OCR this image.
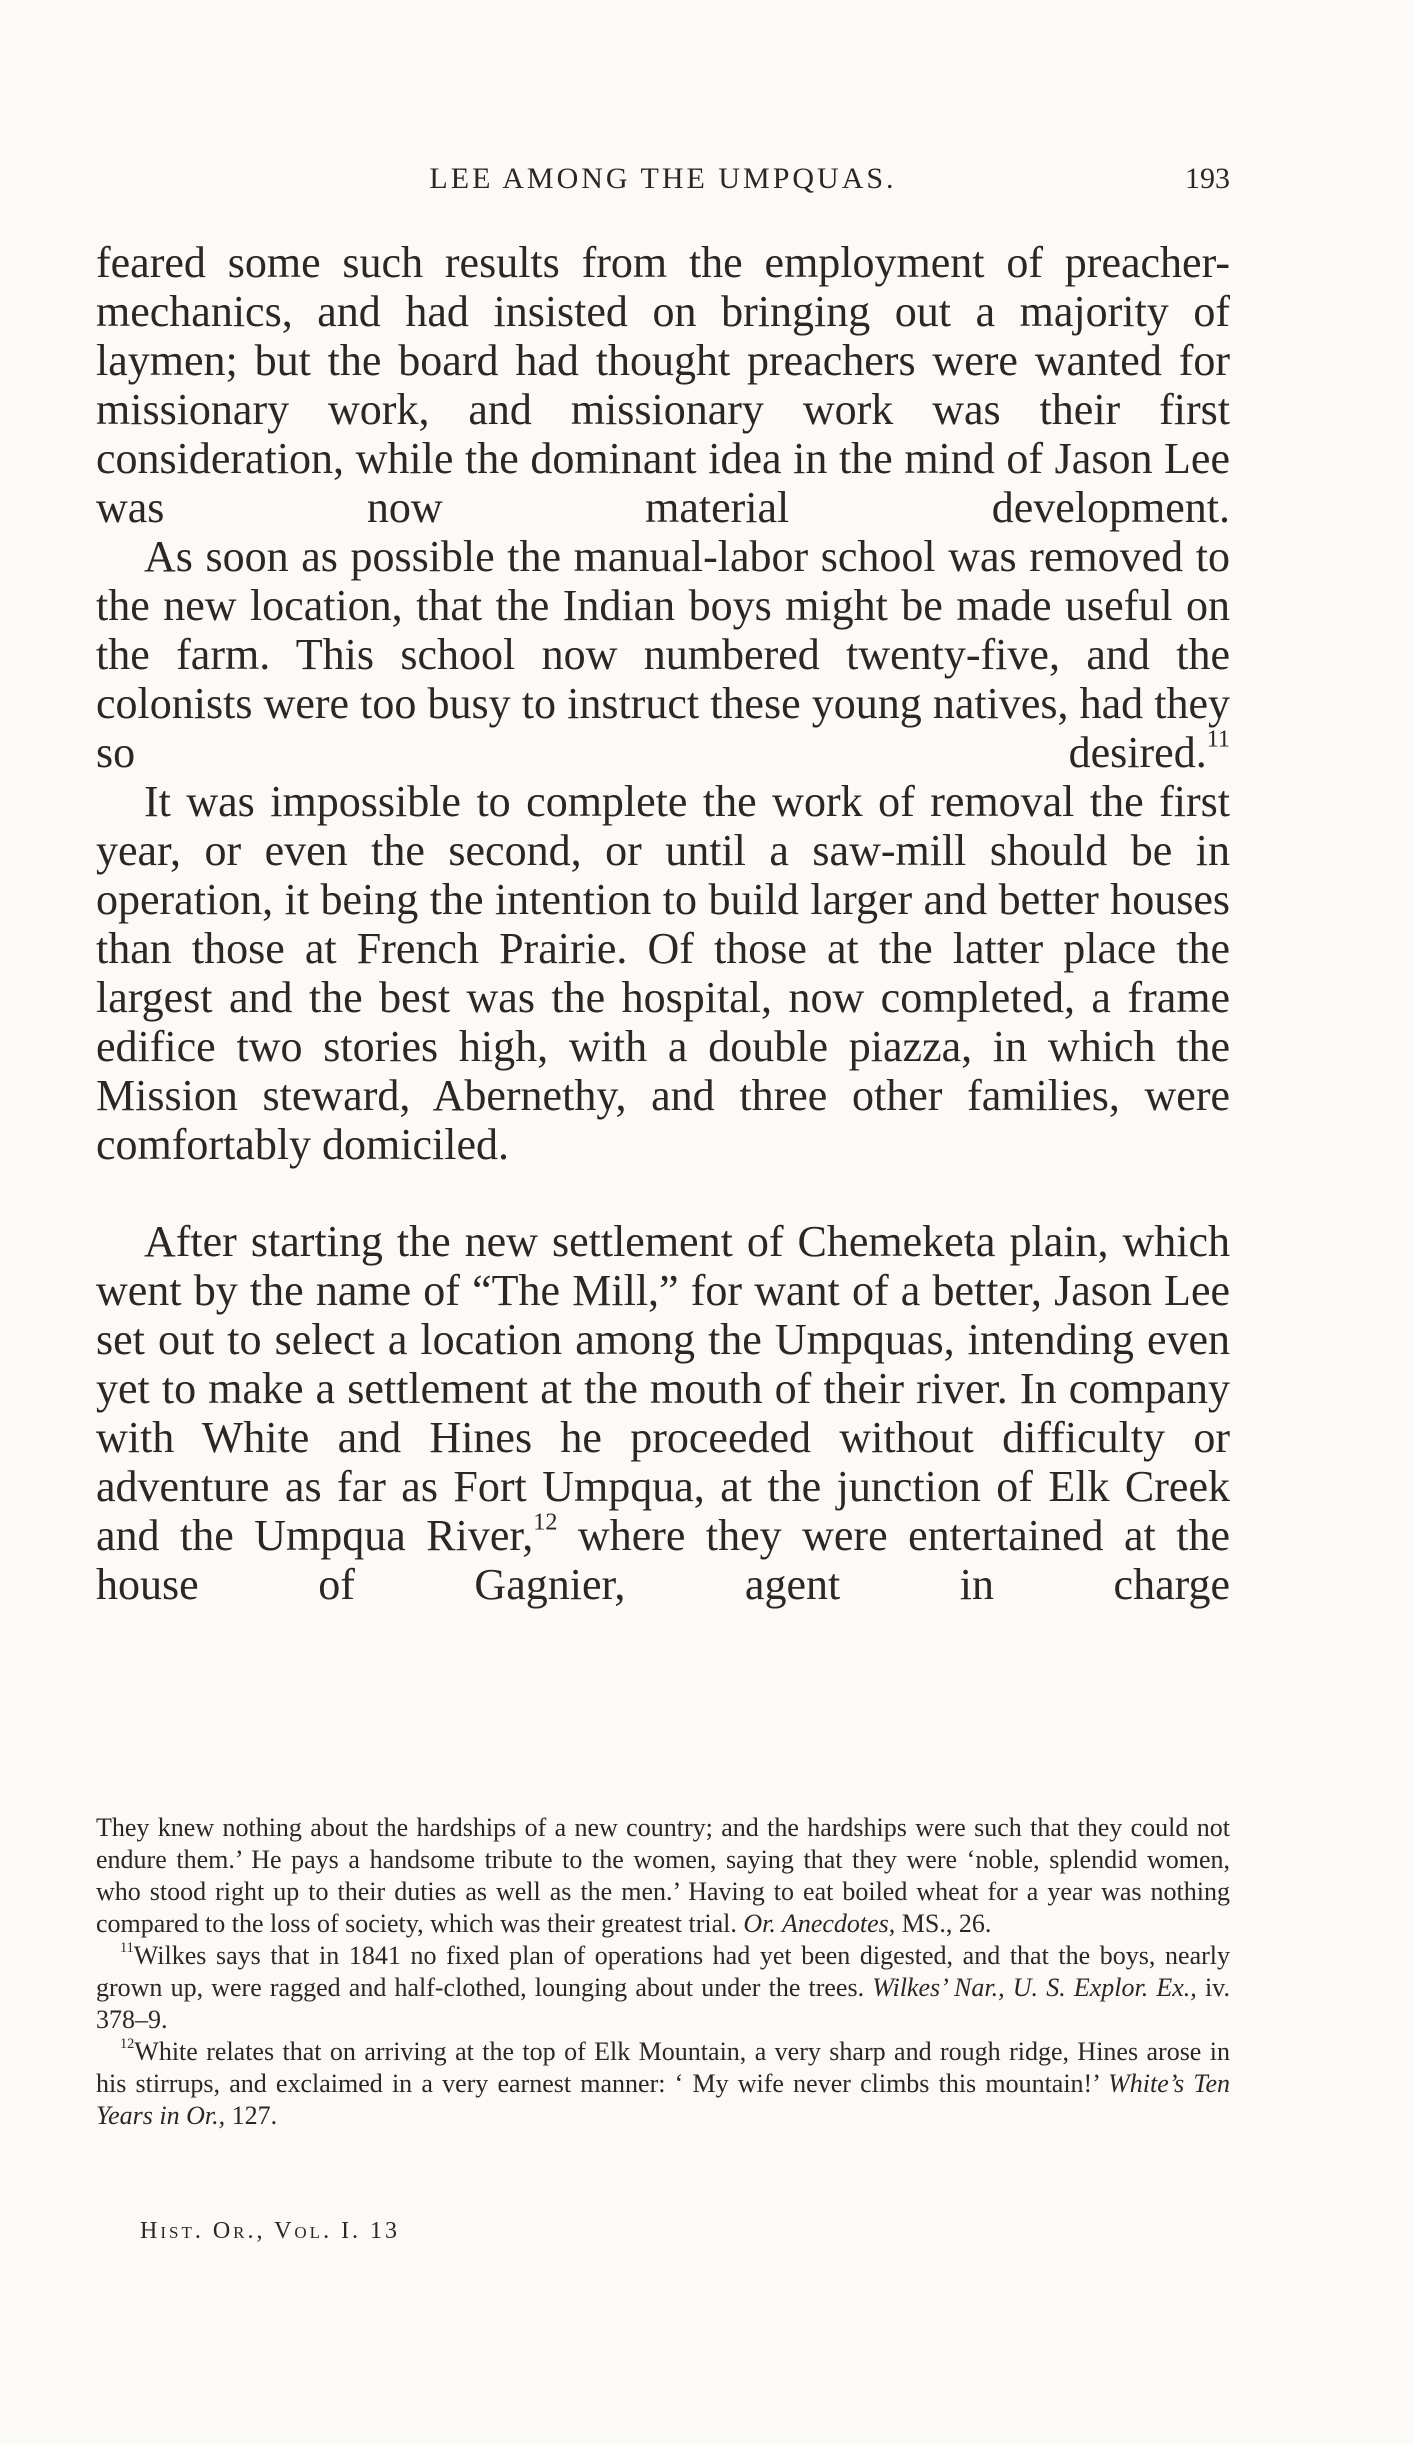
LEE AMONG THE UMPQUAS.	193

feared some such results from the employment of preacher-mechanics, and had insisted on bringing out a majority of laymen; but the board had thought preachers were wanted for missionary work, and missionary work was their first consideration, while the dominant idea in the mind of Jason Lee was now material development.

As soon as possible the manual-labor school was removed to the new location, that the Indian boys might be made useful on the farm. This school now numbered twenty-five, and the colonists were too busy to instruct these young natives, had they so desired.$^{11}$

It was impossible to complete the work of removal the first year, or even the second, or until a saw-mill should be in operation, it being the intention to build larger and better houses than those at French Prairie. Of those at the latter place the largest and the best was the hospital, now completed, a frame edifice two stories high, with a double piazza, in which the Mission steward, Abernethy, and three other families, were comfortably domiciled.

After starting the new settlement of Chemeketa plain, which went by the name of “The Mill,” for want of a better, Jason Lee set out to select a location among the Umpquas, intending even yet to make a settlement at the mouth of their river. In company with White and Hines he proceeded without difficulty or adventure as far as Fort Umpqua, at the junction of Elk Creek and the Umpqua River,$^{12}$ where they were entertained at the house of Gagnier, agent in charge

They knew nothing about the hardships of a new country; and the hardships were such that they could not endure them.’ He pays a handsome tribute to the women, saying that they were ‘noble, splendid women, who stood right up to their duties as well as the men.’ Having to eat boiled wheat for a year was nothing compared to the loss of society, which was their greatest trial. Or. Anecdotes, MS., 26.

$^{11}$Wilkes says that in 1841 no fixed plan of operations had yet been digested, and that the boys, nearly grown up, were ragged and half-clothed, lounging about under the trees. Wilkes’ Nar., U. S. Explor. Ex., iv. 378–9.

$^{12}$White relates that on arriving at the top of Elk Mountain, a very sharp and rough ridge, Hines arose in his stirrups, and exclaimed in a very earnest manner: ‘ My wife never climbs this mountain!’ White’s Ten Years in Or., 127.

Hist. Or., Vol. I. 13
